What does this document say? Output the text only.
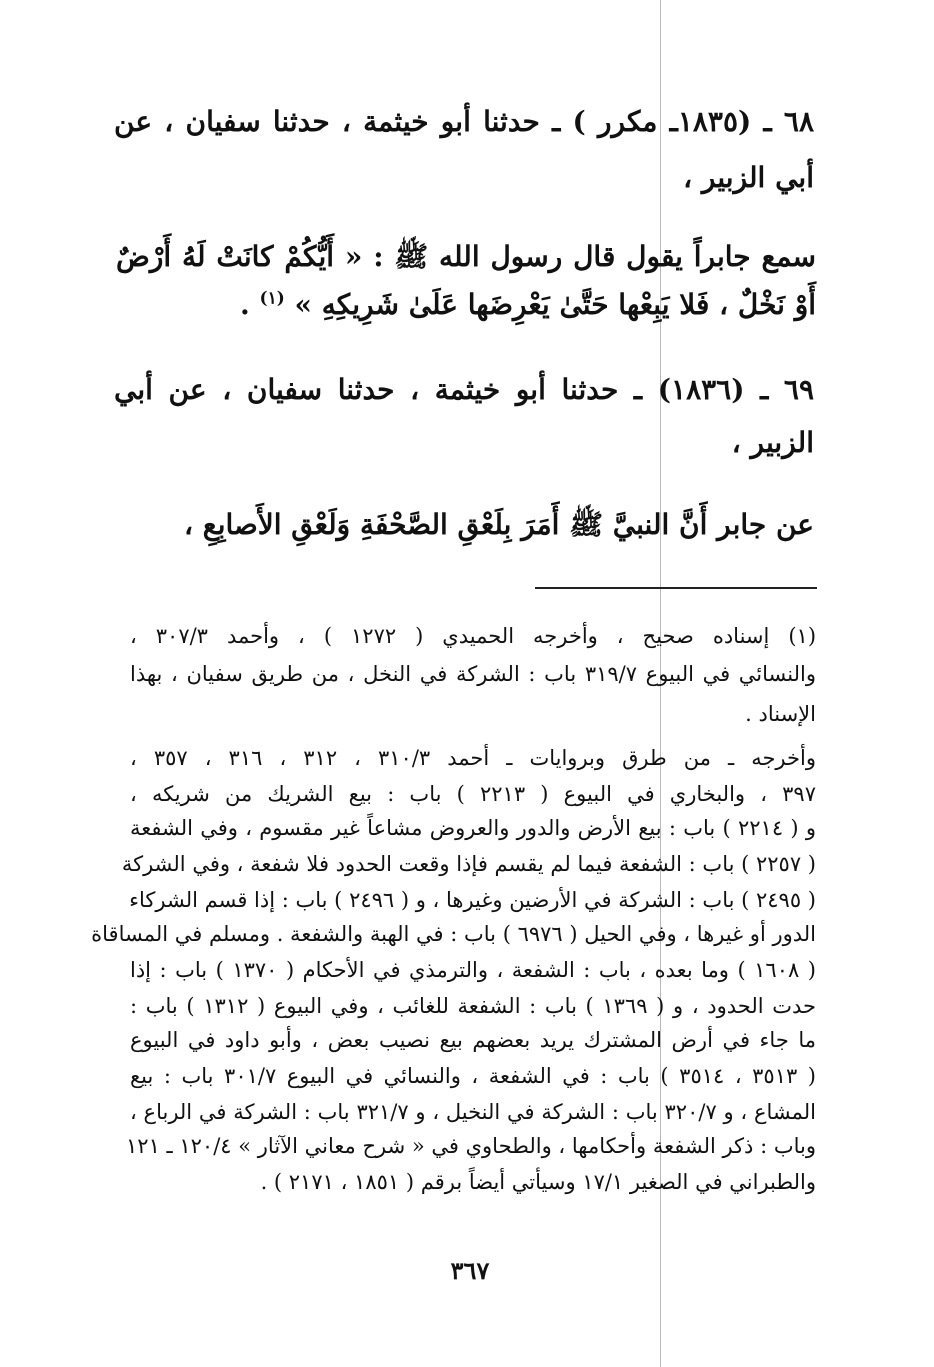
٦٨ ـ (١٨٣٥ـ مكرر ) ـ حدثنا أبو خيثمة ، حدثنا سفيان ، عن
أبي الزبير ،
سمع جابراً يقول قال رسول الله ﷺ : « أَيُّكُمْ كانَتْ لَهُ أَرْضٌ
أَوْ نَخْلٌ ، فَلا يَبِعْها حَتَّىٰ يَعْرِضَها عَلَىٰ شَرِيكِهِ » $^{(١)}$ .
٦٩ ـ (١٨٣٦) ـ حدثنا أبو خيثمة ، حدثنا سفيان ، عن أبي
الزبير ،
عن جابر أَنَّ النبيَّ ﷺ أَمَرَ بِلَعْقِ الصَّحْفَةِ وَلَعْقِ الأَصابِعِ ،
(١) إسناده صحيح ، وأخرجه الحميدي ( ١٢٧٢ ) ، وأحمد ٣٠٧/٣ ،
والنسائي في البيوع ٣١٩/٧ باب : الشركة في النخل ، من طريق سفيان ، بهذا
الإسناد .
وأخرجه ـ من طرق وبروايات ـ أحمد ٣١٠/٣ ، ٣١٢ ، ٣١٦ ، ٣٥٧ ،
٣٩٧ ، والبخاري في البيوع ( ٢٢١٣ ) باب : بيع الشريك من شريكه ،
و ( ٢٢١٤ ) باب : بيع الأرض والدور والعروض مشاعاً غير مقسوم ، وفي الشفعة
( ٢٢٥٧ ) باب : الشفعة فيما لم يقسم فإذا وقعت الحدود فلا شفعة ، وفي الشركة
( ٢٤٩٥ ) باب : الشركة في الأرضين وغيرها ، و ( ٢٤٩٦ ) باب : إذا قسم الشركاء
الدور أو غيرها ، وفي الحيل ( ٦٩٧٦ ) باب : في الهبة والشفعة . ومسلم في المساقاة
( ١٦٠٨ ) وما بعده ، باب : الشفعة ، والترمذي في الأحكام ( ١٣٧٠ ) باب : إذا
حدت الحدود ، و ( ١٣٦٩ ) باب : الشفعة للغائب ، وفي البيوع ( ١٣١٢ ) باب :
ما جاء في أرض المشترك يريد بعضهم بيع نصيب بعض ، وأبو داود في البيوع
( ٣٥١٣ ، ٣٥١٤ ) باب : في الشفعة ، والنسائي في البيوع ٣٠١/٧ باب : بيع
المشاع ، و ٣٢٠/٧ باب : الشركة في النخيل ، و ٣٢١/٧ باب : الشركة في الرباع ،
وباب : ذكر الشفعة وأحكامها ، والطحاوي في « شرح معاني الآثار » ١٢٠/٤ ـ ١٢١
والطبراني في الصغير ١٧/١ وسيأتي أيضاً برقم ( ١٨٥١ ، ٢١٧١ ) .
٣٦٧
